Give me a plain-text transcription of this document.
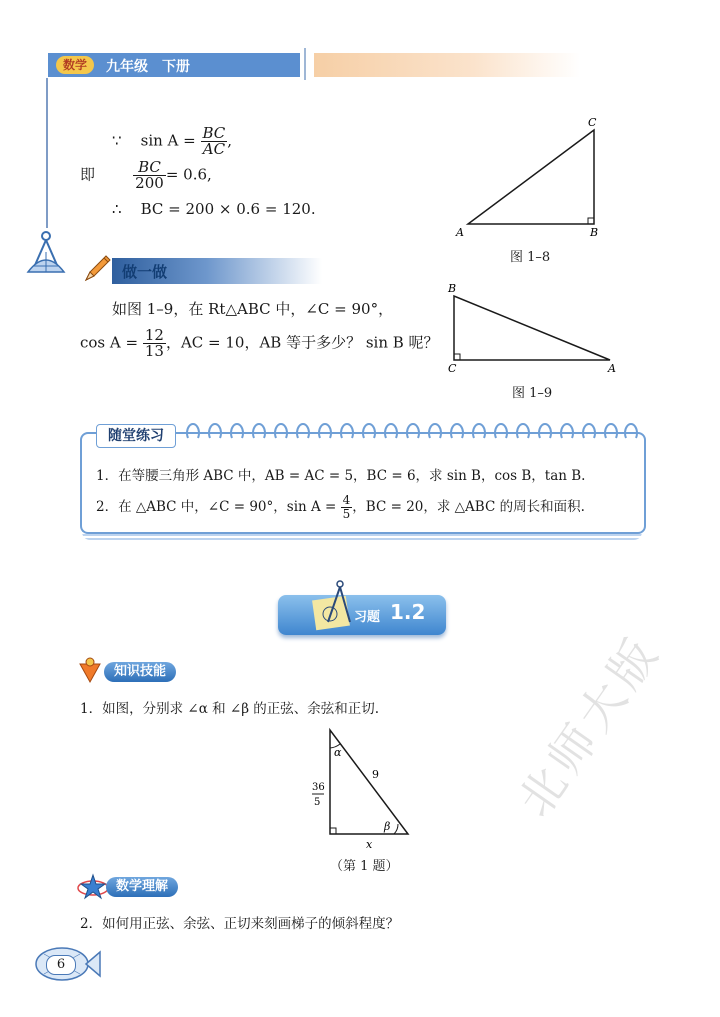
数学	九年级　下册
∵ $\sin A = \frac{BC}{AC}$ ,
即	$\frac{BC}{200} = 0.6$,
∴ BC = 200 × 0.6 = 120.
A	B
C
图 1–8
做一做
如图 1–9，在 Rt△ABC 中，∠C = 90°，
$\cos A = \frac{12}{13}$ ，AC = 10，AB 等于多少？ sin B 呢？
B
C	A
图 1–9
随堂练习
1．在等腰三角形 ABC 中，AB = AC = 5，BC = 6，求 sin B，cos B，tan B.
2．在 △ABC 中，∠C = 90°，$\sin A = \frac{4}{5}$ ，BC = 20，求 △ABC 的周长和面积.
习题 1.2
知识技能
1．如图，分别求 ∠α 和 ∠β 的正弦、余弦和正切.
α
β
9
x
36
5
（第 1 题）
数学理解
2．如何用正弦、余弦、正切来刻画梯子的倾斜程度？
6
北师大版
